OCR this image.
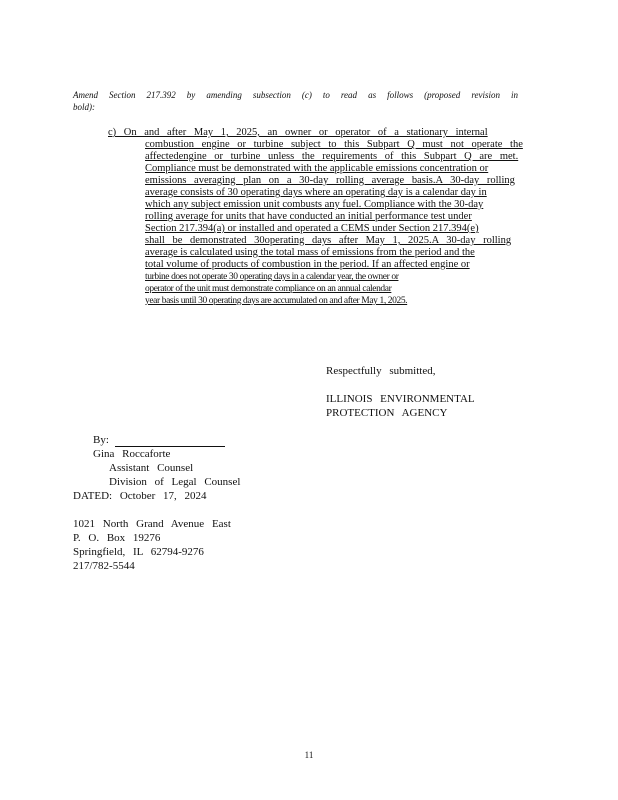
Amend Section 217.392 by amending subsection (c) to read as follows (proposed revision in
bold):
c) On and after May 1, 2025, an owner or operator of a stationary internal
combustion engine or turbine subject to this Subpart Q must not operate the
affectedengine or turbine unless the requirements of this Subpart Q are met.
Compliance must be demonstrated with the applicable emissions concentration or
emissions averaging plan on a 30-day rolling average basis.A 30-day rolling
average consists of 30 operating days where an operating day is a calendar day in
which any subject emission unit combusts any fuel. Compliance with the 30-day
rolling average for units that have conducted an initial performance test under
Section 217.394(a) or installed and operated a CEMS under Section 217.394(e)
shall be demonstrated 30operating days after May 1, 2025.A 30-day rolling
average is calculated using the total mass of emissions from the period and the
total volume of products of combustion in the period. If an affected engine or
turbine does not operate 30 operating days in a calendar year, the owner or
operator of the unit must demonstrate compliance on an annual calendar
year basis until 30 operating days are accumulated on and after May 1, 2025.
Respectfully submitted,
ILLINOIS ENVIRONMENTAL
PROTECTION AGENCY
By:
Gina Roccaforte
Assistant Counsel
Division of Legal Counsel
DATED: October 17, 2024
1021 North Grand Avenue East
P. O. Box 19276
Springfield, IL 62794-9276
217/782-5544
11
